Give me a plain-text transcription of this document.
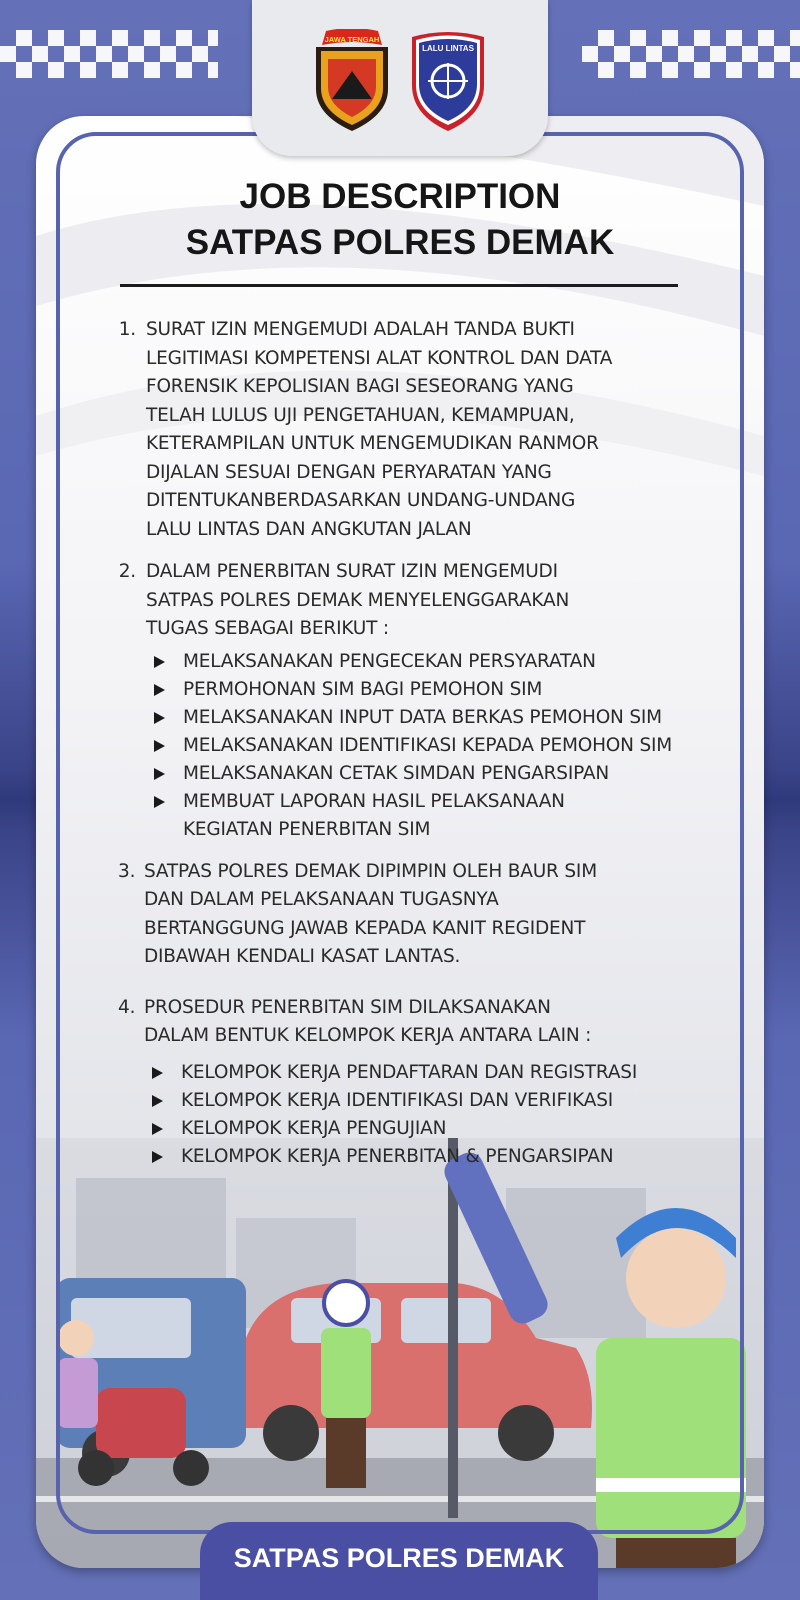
JOB DESCRIPTION
SATPAS POLRES DEMAK
1. SURAT IZIN MENGEMUDI ADALAH TANDA BUKTI
LEGITIMASI KOMPETENSI ALAT KONTROL DAN DATA
FORENSIK KEPOLISIAN BAGI SESEORANG YANG
TELAH LULUS UJI PENGETAHUAN, KEMAMPUAN,
KETERAMPILAN UNTUK MENGEMUDIKAN RANMOR
DIJALAN SESUAI DENGAN PERYARATAN YANG
DITENTUKANBERDASARKAN UNDANG-UNDANG
LALU LINTAS DAN ANGKUTAN JALAN
2. DALAM PENERBITAN SURAT IZIN MENGEMUDI
SATPAS POLRES DEMAK MENYELENGGARAKAN
TUGAS SEBAGAI BERIKUT :
MELAKSANAKAN PENGECEKAN PERSYARATAN
PERMOHONAN SIM BAGI PEMOHON SIM
MELAKSANAKAN INPUT DATA BERKAS PEMOHON SIM
MELAKSANAKAN IDENTIFIKASI KEPADA PEMOHON SIM
MELAKSANAKAN CETAK SIMDAN PENGARSIPAN
MEMBUAT LAPORAN HASIL PELAKSANAAN
KEGIATAN PENERBITAN SIM
3. SATPAS POLRES DEMAK DIPIMPIN OLEH BAUR SIM
DAN DALAM PELAKSANAAN TUGASNYA
BERTANGGUNG JAWAB KEPADA KANIT REGIDENT
DIBAWAH KENDALI KASAT LANTAS.
4. PROSEDUR PENERBITAN SIM DILAKSANAKAN
DALAM BENTUK KELOMPOK KERJA ANTARA LAIN :
KELOMPOK KERJA PENDAFTARAN DAN REGISTRASI
KELOMPOK KERJA IDENTIFIKASI DAN VERIFIKASI
KELOMPOK KERJA PENGUJIAN
KELOMPOK KERJA PENERBITAN & PENGARSIPAN
JAWA TENGAH
LALU LINTAS
SATPAS POLRES DEMAK
